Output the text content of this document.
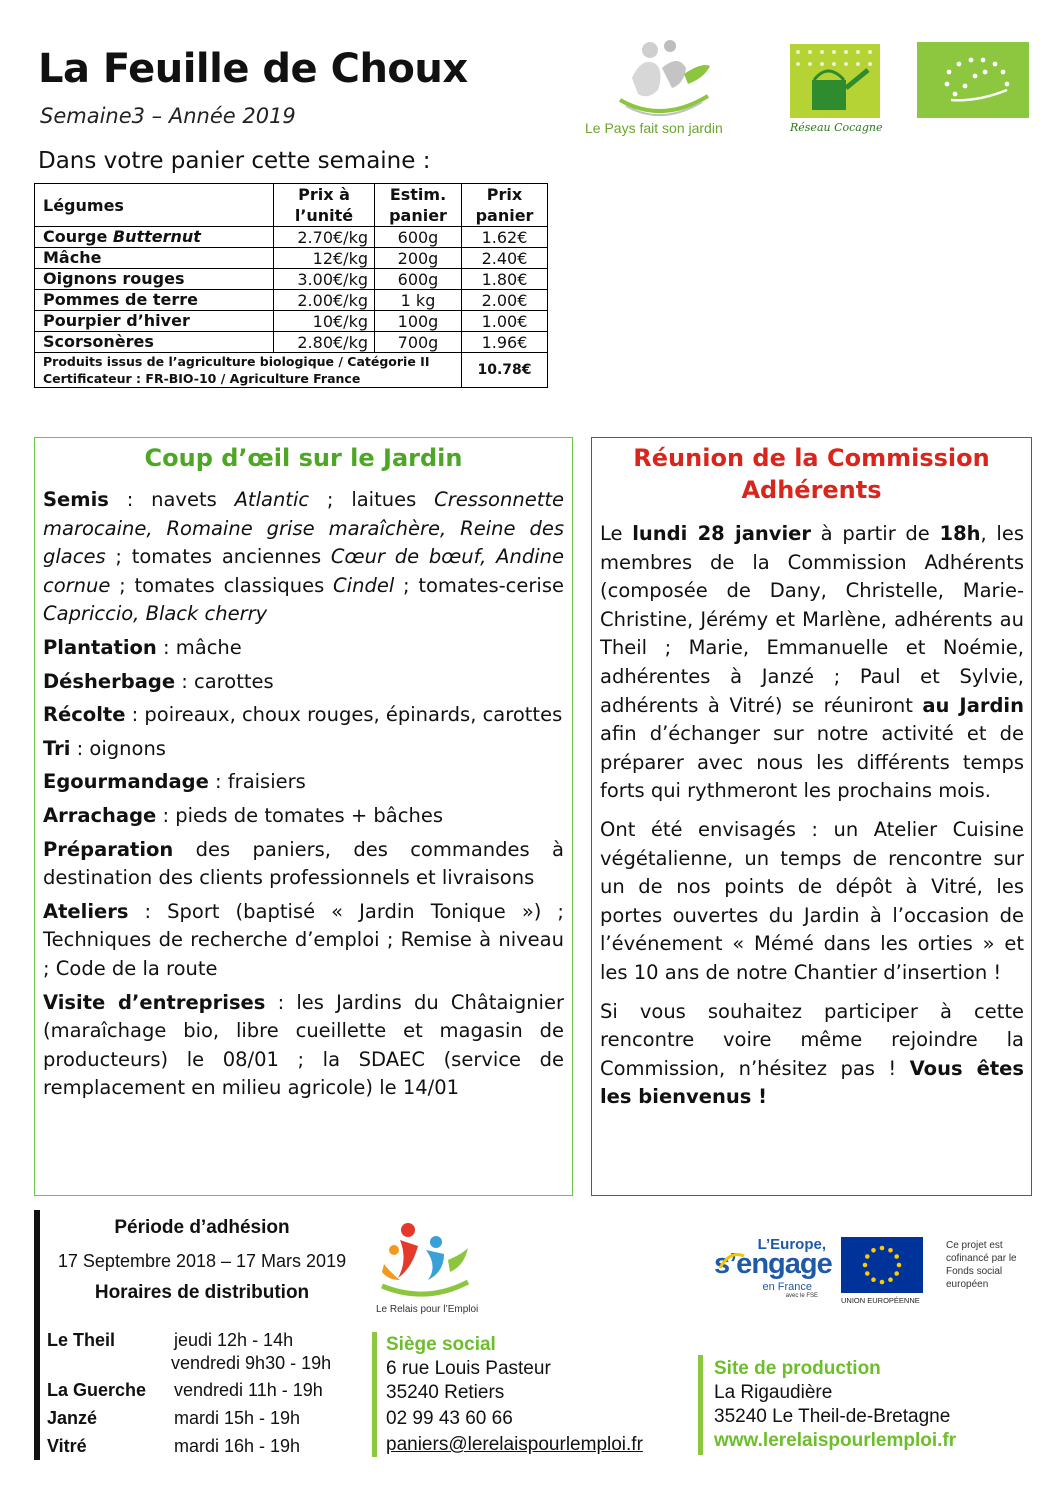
La Feuille de Choux
Semaine3 – Année 2019
Dans votre panier cette semaine :
Le Pays fait son jardin	Réseau Cocagne
Légumes	Prix à l’unité	Estim. panier	Prix panier
Courge Butternut	2.70€/kg	600g	1.62€
Mâche	12€/kg	200g	2.40€
Oignons rouges	3.00€/kg	600g	1.80€
Pommes de terre	2.00€/kg	1 kg	2.00€
Pourpier d’hiver	10€/kg	100g	1.00€
Scorsonères	2.80€/kg	700g	1.96€

Produits issus de l’agriculture biologique / Catégorie II
Certificateur : FR-BIO-10 / Agriculture France			10.78€
Coup d’œil sur le Jardin

Semis : navets Atlantic ; laitues Cressonnette marocaine, Romaine grise maraîchère, Reine des glaces ; tomates anciennes Cœur de bœuf, Andine cornue ; tomates classiques Cindel ; tomates-cerise Capriccio, Black cherry

Plantation : mâche

Désherbage : carottes

Récolte : poireaux, choux rouges, épinards, carottes

Tri : oignons

Egourmandage : fraisiers

Arrachage : pieds de tomates + bâches

Préparation des paniers, des commandes à destination des clients professionnels et livraisons

Ateliers : Sport (baptisé « Jardin Tonique ») ; Techniques de recherche d’emploi ; Remise à niveau ; Code de la route

Visite d’entreprises : les Jardins du Châtaignier (maraîchage bio, libre cueillette et magasin de producteurs) le 08/01 ; la SDAEC (service de remplacement en milieu agricole) le 14/01

Réunion de la Commission
Adhérents

Le lundi 28 janvier à partir de 18h, les membres de la Commission Adhérents (composée de Dany, Christelle, Marie-Christine, Jérémy et Marlène, adhérents au Theil ; Marie, Emmanuelle et Noémie, adhérentes à Janzé ; Paul et Sylvie, adhérents à Vitré) se réuniront au Jardin afin d’échanger sur notre activité et de préparer avec nous les différents temps forts qui rythmeront les prochains mois.

Ont été envisagés : un Atelier Cuisine végétalienne, un temps de rencontre sur un de nos points de dépôt à Vitré, les portes ouvertes du Jardin à l’occasion de l’événement « Mémé dans les orties » et les 10 ans de notre Chantier d’insertion !

Si vous souhaitez participer à cette rencontre voire même rejoindre la Commission, n’hésitez pas ! Vous êtes les bienvenus !

Période d’adhésion
17 Septembre 2018 – 17 Mars 2019
Horaires de distribution
Le Theil	jeudi 12h - 14h
vendredi 9h30 - 19h
La Guerche vendredi 11h - 19h
Janzé	mardi 15h - 19h
Vitré	mardi 16h - 19h
Le Relais pour l’Emploi
Siège social
6 rue Louis Pasteur
35240 Retiers
02 99 43 60 66
paniers@lerelaispourlemploi.fr
L’Europe,
s’engage
en France
avec le FSE	UNION EUROPÉENNE
Ce projet est cofinancé par le Fonds social européen
Site de production
La Rigaudière
35240 Le Theil-de-Bretagne
www.lerelaispourlemploi.fr
